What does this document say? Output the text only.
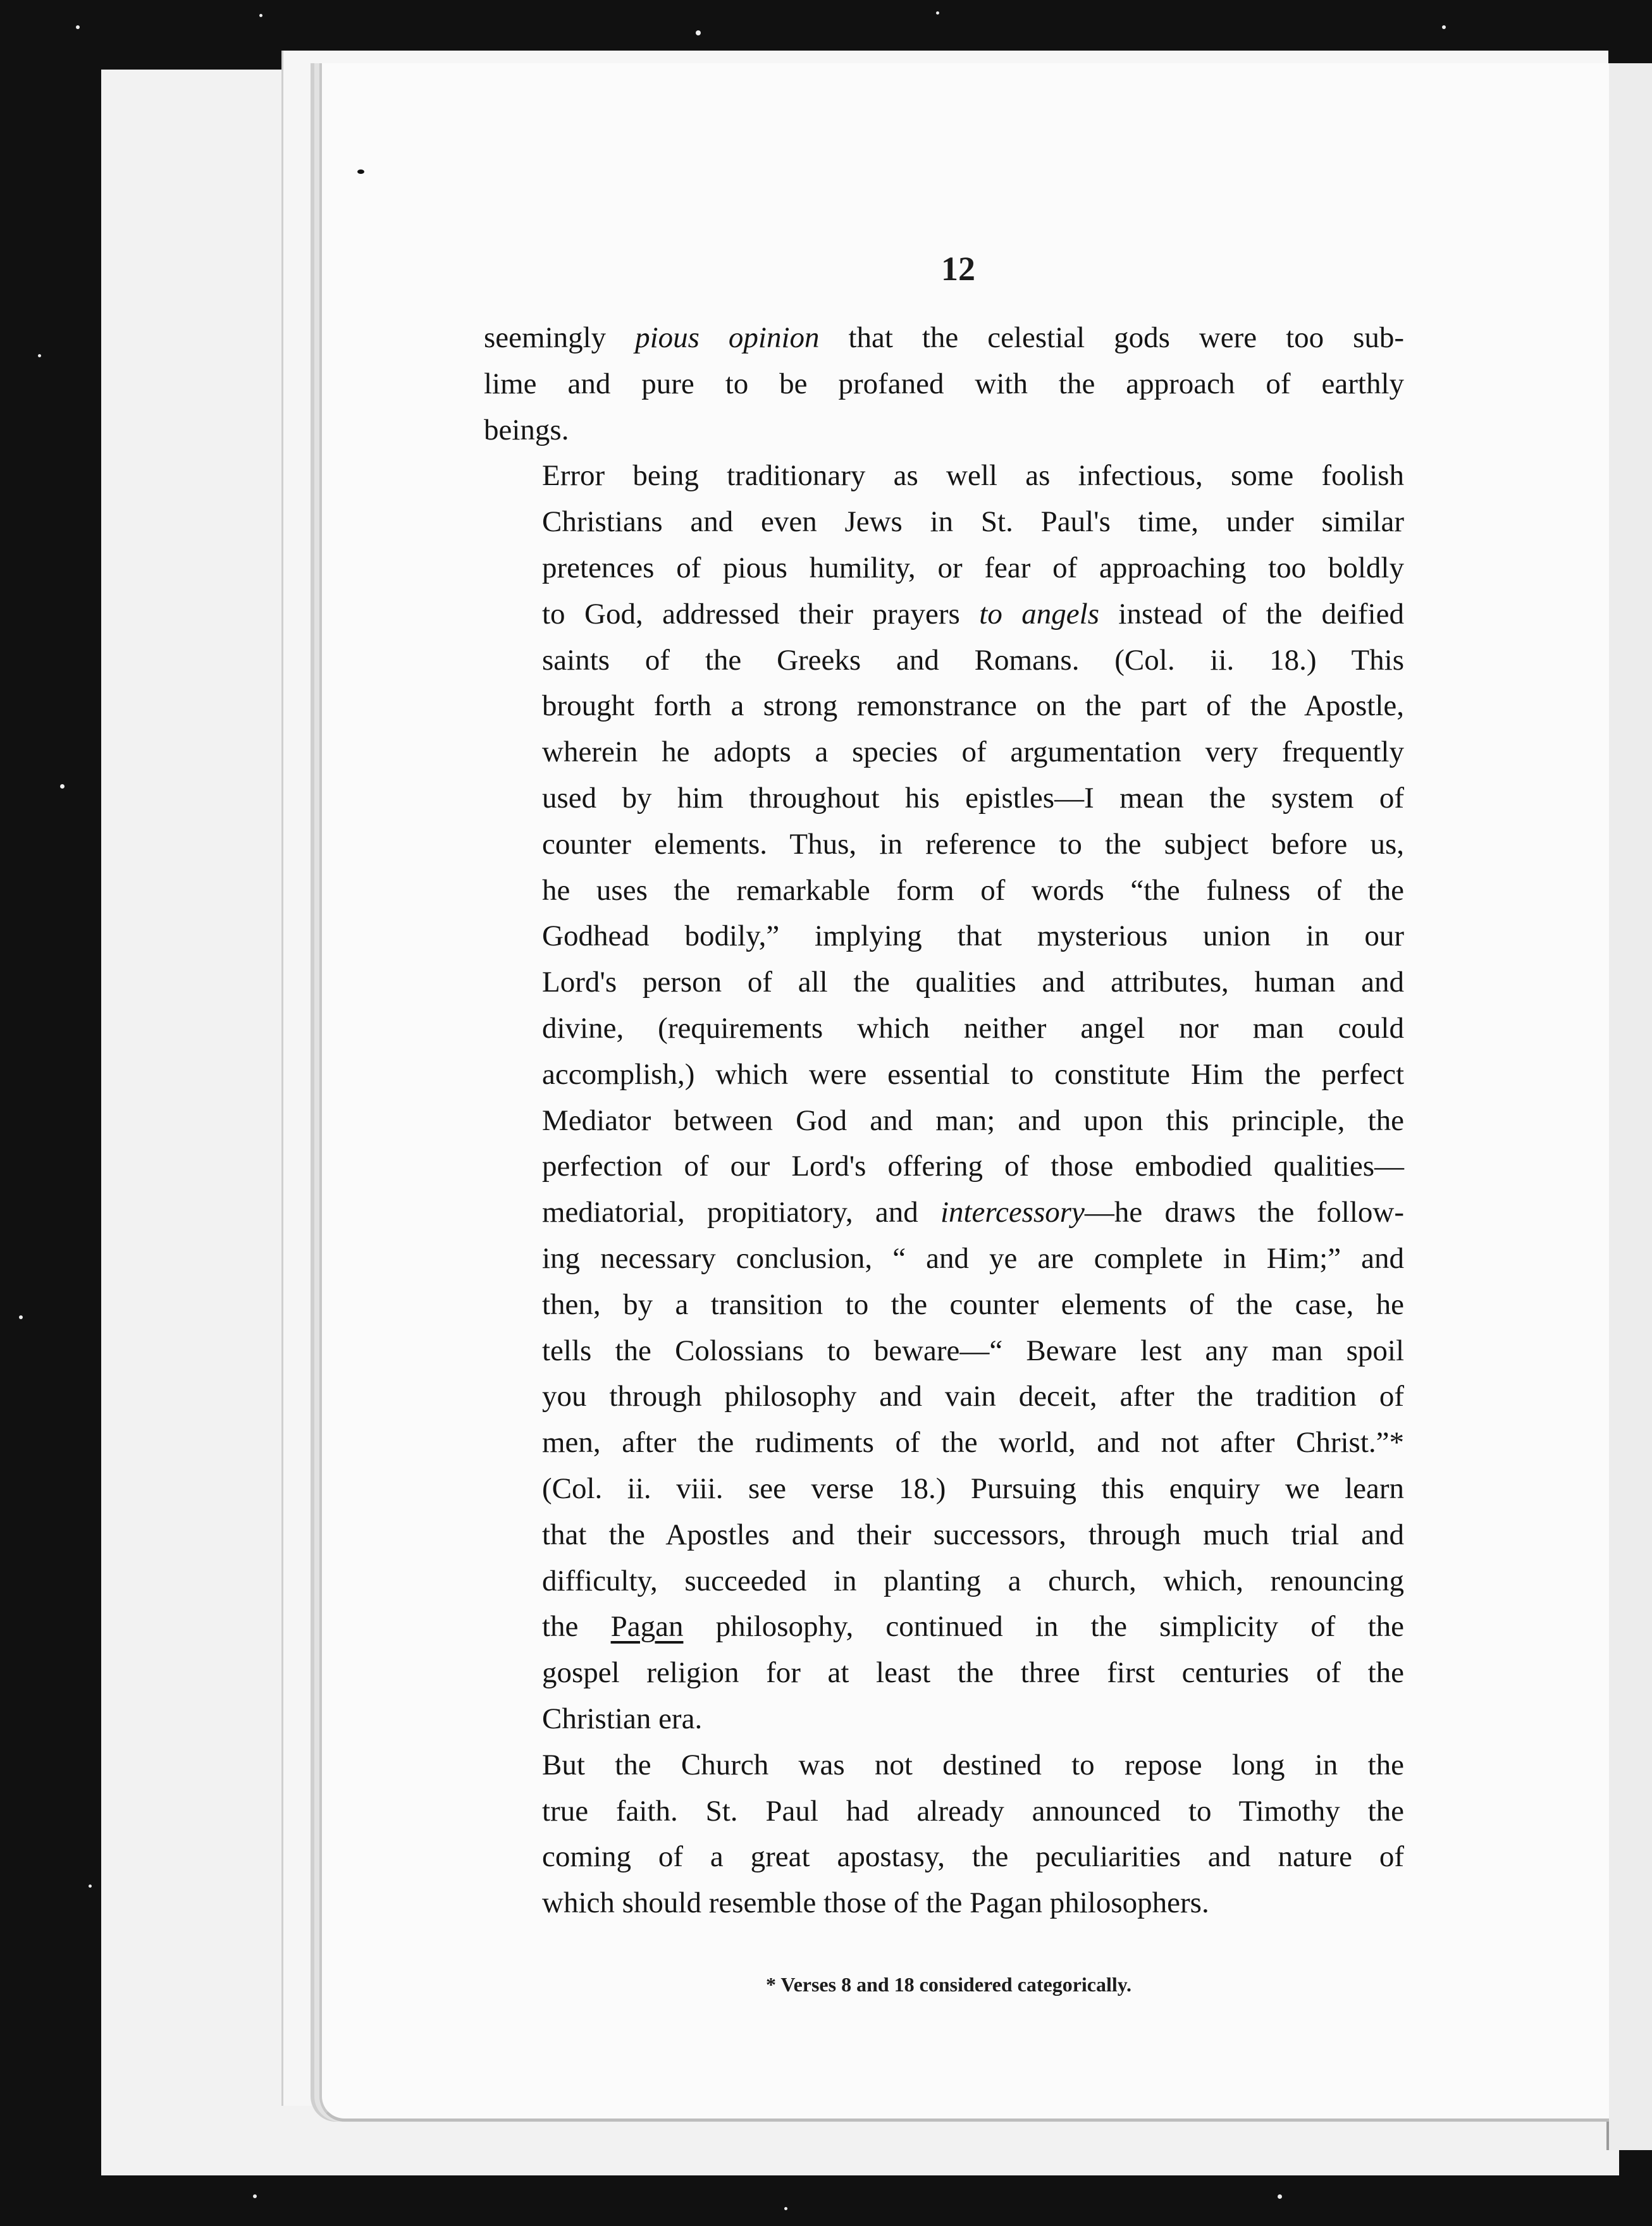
12

seemingly pious opinion that the celestial gods were too sub-
lime and pure to be profaned with the approach of earthly
beings.

Error being traditionary as well as infectious, some foolish
Christians and even Jews in St. Paul's time, under similar
pretences of pious humility, or fear of approaching too boldly
to God, addressed their prayers to angels instead of the deified
saints of the Greeks and Romans. (Col. ii. 18.) This
brought forth a strong remonstrance on the part of the Apostle,
wherein he adopts a species of argumentation very frequently
used by him throughout his epistles—I mean the system of
counter elements. Thus, in reference to the subject before us,
he uses the remarkable form of words “the fulness of the
Godhead bodily,” implying that mysterious union in our
Lord's person of all the qualities and attributes, human and
divine, (requirements which neither angel nor man could
accomplish,) which were essential to constitute Him the perfect
Mediator between God and man; and upon this principle, the
perfection of our Lord's offering of those embodied qualities—
mediatorial, propitiatory, and intercessory—he draws the follow-
ing necessary conclusion, “ and ye are complete in Him;” and
then, by a transition to the counter elements of the case, he
tells the Colossians to beware—“ Beware lest any man spoil
you through philosophy and vain deceit, after the tradition of
men, after the rudiments of the world, and not after Christ.”*
(Col. ii. viii. see verse 18.) Pursuing this enquiry we learn
that the Apostles and their successors, through much trial and
difficulty, succeeded in planting a church, which, renouncing
the Pagan philosophy, continued in the simplicity of the
gospel religion for at least the three first centuries of the
Christian era.

But the Church was not destined to repose long in the
true faith. St. Paul had already announced to Timothy the
coming of a great apostasy, the peculiarities and nature of
which should resemble those of the Pagan philosophers.

* Verses 8 and 18 considered categorically.
